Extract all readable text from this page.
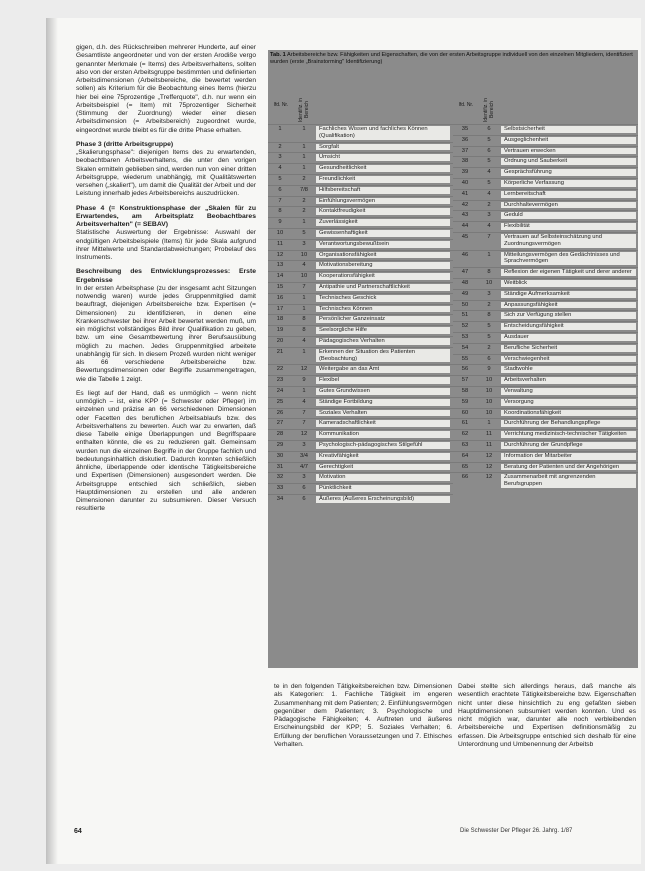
gigen, d.h. des Rückschreiben mehrerer Hunderte, auf einer Gesamtliste angeordneter und von der ersten Arodiße vergo genannter Merkmale (= Items) des Arbeitsverhaltens, sollten also von der ersten Arbeitsgruppe bestimmten und definierten Arbeitsdimensionen (Arbeitsbereiche, die bewertet werden sollen) als Kriterium für die Beobachtung eines Items (hierzu hier bei eine 75prozentige „Trefferquote", d.h. nur wenn ein Arbeitsbeispiel (= Item) mit 75prozentiger Sicherheit (Stimmung der Zuordnung) wieder einer diesen Arbeitsdimension (= Arbeitsbereich) zugeordnet wurde, eingeordnet wurde bleibt es für die dritte Phase erhalten.

Phase 3 (dritte Arbeitsgruppe)

„Skalierungsphase": diejenigen Items des zu erwartenden, beobachtbaren Arbeitsverhaltens, die unter den vorigen Skalen ermitteln geblieben sind, werden nun von einer dritten Arbeitsgruppe, wiederum unabhängig, mit Qualitätswerten versehen („skaliert"), um damit die Qualität der Arbeit und der Leistung innerhalb jedes Arbeitsbereichs auszudrücken.

Phase 4 (= Konstruktionsphase der „Skalen für zu Erwartendes, am Arbeitsplatz Beobachtbares Arbeitsverhalten" (= SEBAV)

Statistische Auswertung der Ergebnisse: Auswahl der endgültigen Arbeitsbeispiele (Items) für jede Skala aufgrund ihrer Mittelwerte und Standardabweichungen; Probelauf des Instruments.

Beschreibung des Entwicklungsprozesses: Erste Ergebnisse

In der ersten Arbeitsphase (zu der insgesamt acht Sitzungen notwendig waren) wurde jedes Gruppenmitglied damit beauftragt, diejenigen Arbeitsbereiche bzw. Expertisen (= Dimensionen) zu identifizieren, in denen eine Krankenschwester bei ihrer Arbeit bewertet werden muß, um ein möglichst vollständiges Bild ihrer Qualifikation zu geben, bzw. um eine Gesamtbewertung ihrer Berufsausübung möglich zu machen. Jedes Gruppenmitglied arbeitete unabhängig für sich. In diesem Prozeß wurden nicht weniger als 66 verschiedene Arbeitsbereiche bzw. Bewertungsdimensionen oder Begriffe zusammengetragen, wie die Tabelle 1 zeigt.

Es liegt auf der Hand, daß es unmöglich – wenn nicht unmöglich – ist, eine KPP (= Schwester oder Pfleger) im einzelnen und präzise an 66 verschiedenen Dimensionen oder Facetten des beruflichen Arbeitsablaufs bzw. des Arbeitsverhaltens zu bewerten. Auch war zu erwarten, daß diese Tabelle einige Überlappungen und Begriffspaare enthalten könnte, die es zu reduzieren galt. Gemeinsam wurden nun die einzelnen Begriffe in der Gruppe fachlich und bedeutungsinhaltlich diskutiert. Dadurch konnten schließlich ähnliche, überlappende oder identische Tätigkeitsbereiche und Expertisen (Dimensionen) ausgesondert werden. Die Arbeitsgruppe entschied sich schließlich, sieben Hauptdimensionen zu erstellen und alle anderen Dimensionen darunter zu subsumieren. Dieser Versuch resultierte

Tab. 1 Arbeitsbereiche bzw. Fähigkeiten und Eigenschaften, die von der ersten Arbeitsgruppe individuell von den einzelnen Mitgliedern, identifiziert wurden (erste „Brainstorming" Identifizierung)
lfd. Nr.	Identifiz. in Bereich	lfd. Nr.	Identifiz. in Bereich
1	1	Fachliches Wissen und fachliches Können (Qualifikation)
2	1	Sorgfalt
3	1	Umsicht
4	1	Gesundheitlichkeit
5	2	Freundlichkeit
6	7/8	Hilfsbereitschaft
7	2	Einfühlungsvermögen
8	2	Kontaktfreudigkeit
9	1	Zuverlässigkeit
10	5	Gewissenhaftigkeit
11	3	Verantwortungsbewußtsein
12	10	Organisationsfähigkeit
13	4	Motivationsbereitung
14	10	Kooperationsfähigkeit
15	7	Antipathie und Partnerschaftlichkeit
16	1	Technisches Geschick
17	1	Technisches Können
18	8	Persönlicher Ganzeinsatz
19	8	Seelsorgliche Hilfe
20	4	Pädagogisches Verhalten
21	1	Erkennen der Situation des Patienten (Beobachtung)
22	12	Weitergabe an das Amt
23	9	Flexibel
24	1	Gutes Grundwissen
25	4	Ständige Fortbildung
26	7	Soziales Verhalten
27	7	Kameradschaftlichkeit
28	12	Kommunikation
29	3	Psychologisch-pädagogisches Stilgefühl
30	3/4	Kreativfähigkeit
31	4/7	Gerechtigkeit
32	3	Motivation
33	6	Pünktlichkeit
34	6	Äußeres (Äußeres Erscheinungsbild)
35	6	Selbstsicherheit
36	5	Ausgeglichenheit
37	6	Vertrauen erwecken
38	5	Ordnung und Sauberkeit
39	4	Gesprächsführung
40	5	Körperliche Verfassung
41	4	Lernbereitschaft
42	2	Durchhaltevermögen
43	3	Geduld
44	4	Flexibilität
45	7	Vertrauen auf Selbsteinschätzung und Zuordnungsvermögen
46	1	Mitteilungsvermögen des Gedächtnisses und Sprachvermögen
47	8	Reflexion der eigenen Tätigkeit und derer anderer
48	10	Weitblick
49	3	Ständige Aufmerksamkeit
50	2	Anpassungsfähigkeit
51	8	Sich zur Verfügung stellen
52	5	Entscheidungsfähigkeit
53	5	Ausdauer
54	2	Berufliche Sicherheit
55	6	Verschwiegenheit
56	9	Stadtwohle
57	10	Arbeitsverhalten
58	10	Verwaltung
59	10	Versorgung
60	10	Koordinationsfähigkeit
61	1	Durchführung der Behandlungspflege
62	11	Verrichtung medizinisch-technischer Tätigkeiten
63	11	Durchführung der Grundpflege
64	12	Information der Mitarbeiter
65	12	Beratung der Patienten und der Angehörigen
66	12	Zusammenarbeit mit angrenzenden Berufsgruppen

te in den folgenden Tätigkeitsbereichen bzw. Dimensionen als Kategorien: 1. Fachliche Tätigkeit im engeren Zusammenhang mit dem Patienten; 2. Einfühlungsvermögen gegenüber dem Patienten; 3. Psychologische und Pädagogische Fähigkeiten; 4. Auftreten und äußeres Erscheinungsbild der KPP; 5. Soziales Verhalten; 6. Erfüllung der beruflichen Voraussetzungen und 7. Ethisches Verhalten.

Dabei stellte sich allerdings heraus, daß manche als wesentlich erachtete Tätigkeitsbereiche bzw. Eigenschaften nicht unter diese hinsichtlich zu eng gefaßten sieben Hauptdimensionen subsumiert werden konnten. Und es nicht möglich war, darunter alle noch verbleibenden Arbeitsbereiche und Expertisen definitionsmäßig zu erfassen. Die Arbeitsgruppe entschied sich deshalb für eine Unterordnung und Umbenennung der Arbeitsb

64	Die Schwester Der Pfleger 26. Jahrg. 1/87
